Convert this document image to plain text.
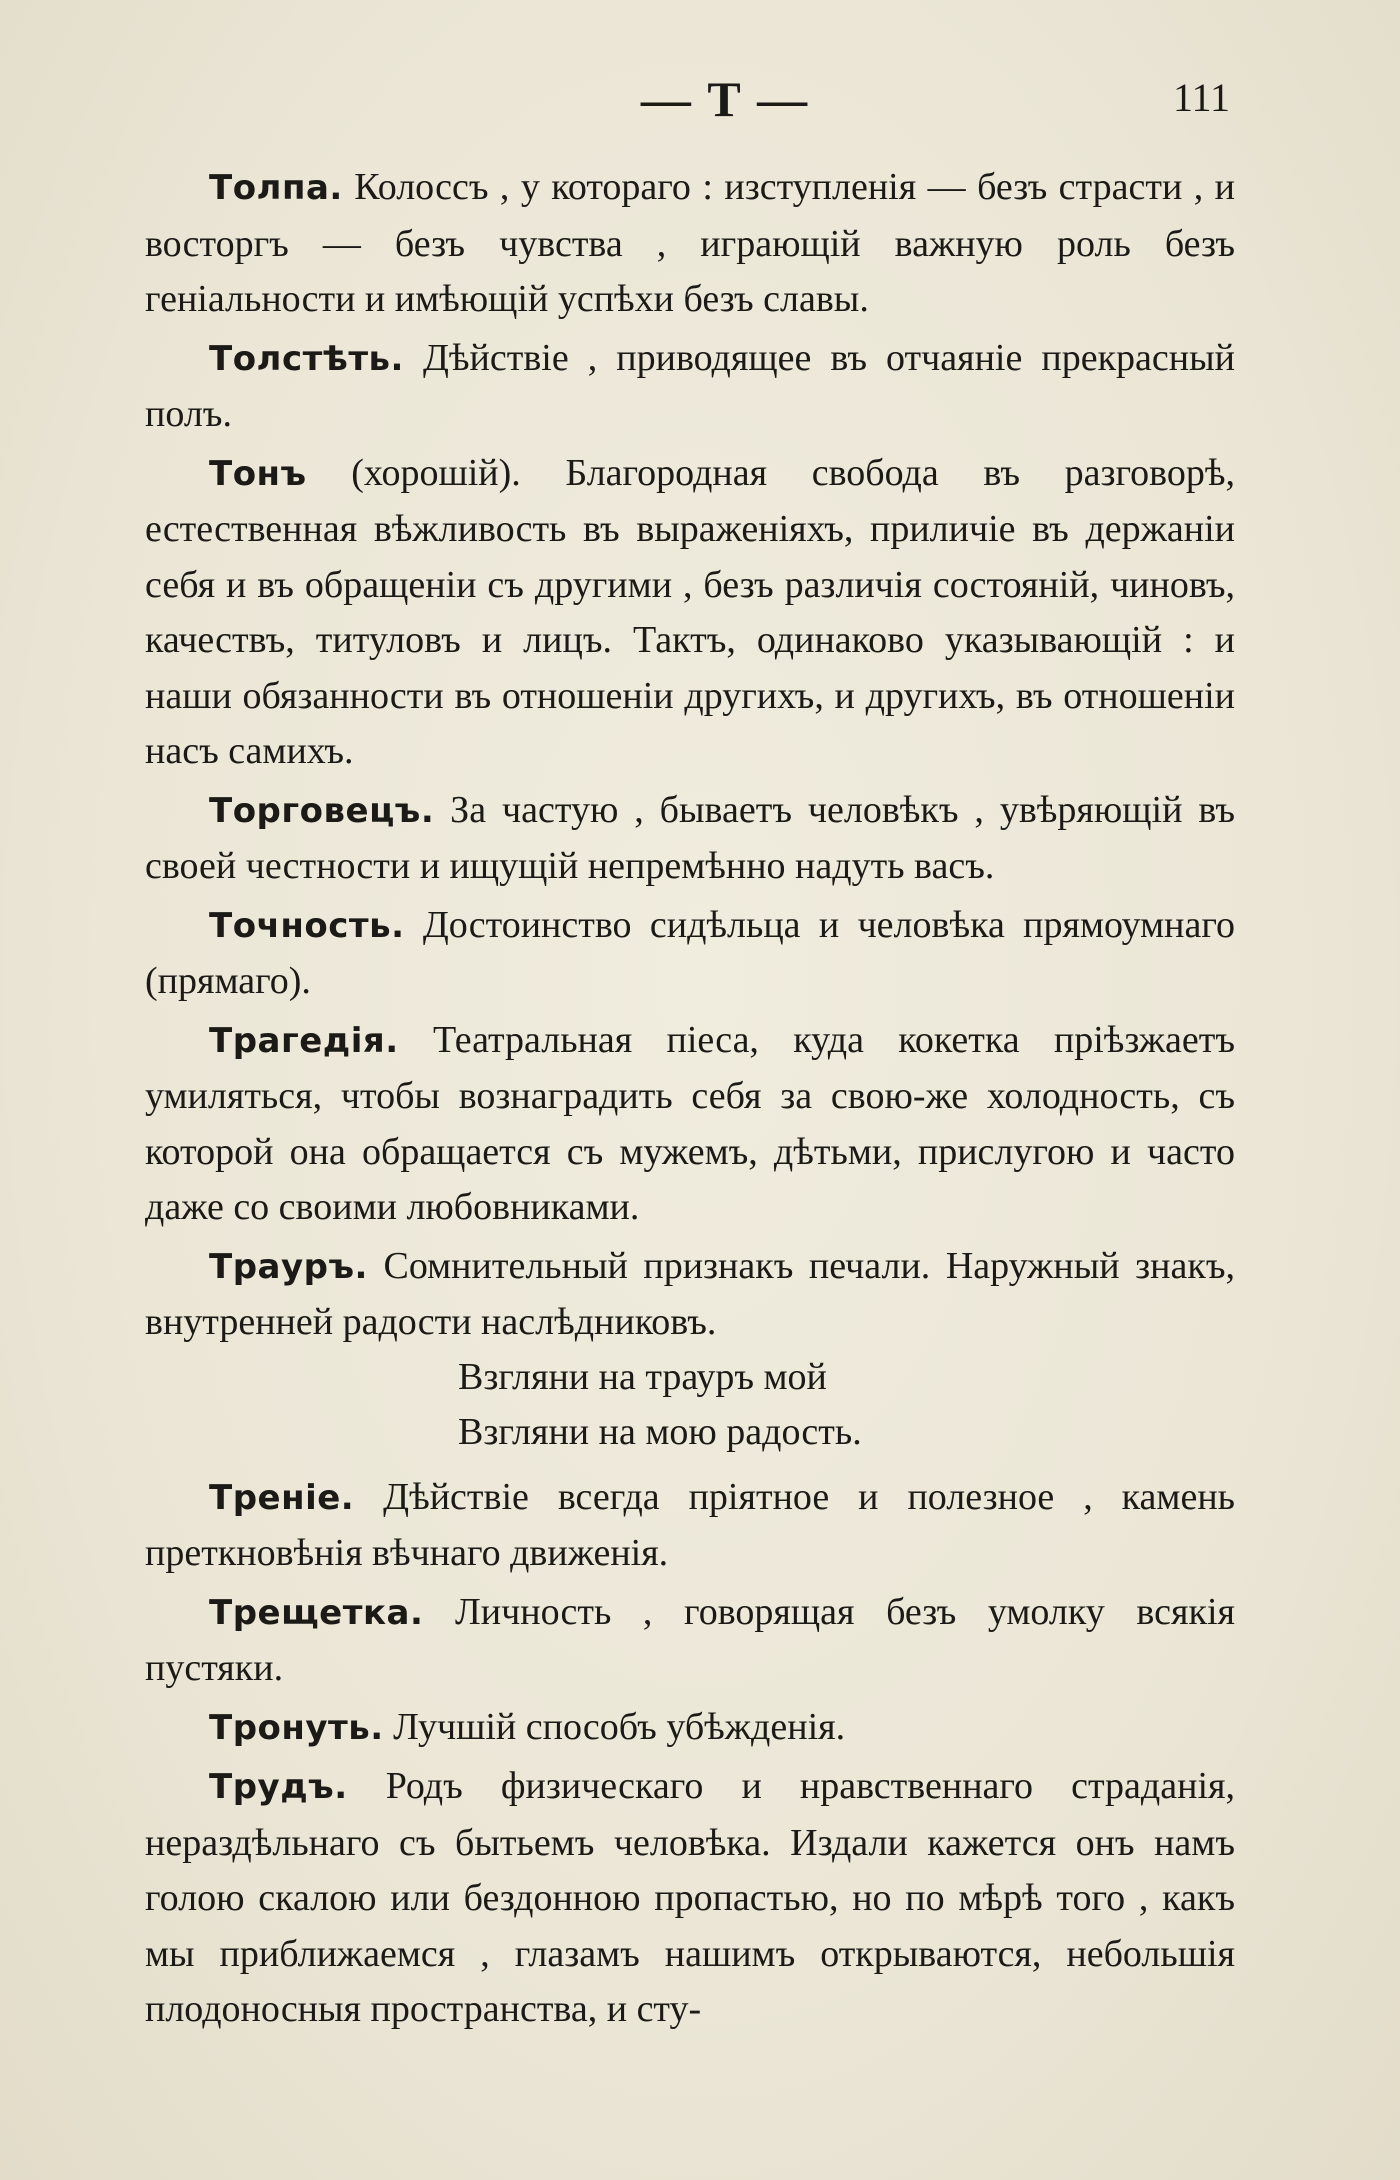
— Т —	111

Толпа. Колоссъ , у котораго : изступленія — безъ страсти , и восторгъ — безъ чувства , играющій важную роль безъ геніальности и имѣющій успѣхи безъ славы.

Толстѣть. Дѣйствіе , приводящее въ отчаяніе прекрасный полъ.

Тонъ (хорошій). Благородная свобода въ разговорѣ, естественная вѣжливость въ выраженіяхъ, приличіе въ держаніи себя и въ обращеніи съ другими , безъ различія состояній, чиновъ, качествъ, титуловъ и лицъ. Тактъ, одинаково указывающій : и наши обязанности въ отношеніи другихъ, и другихъ, въ отношеніи насъ самихъ.

Торговецъ. За частую , бываетъ человѣкъ , увѣряющій въ своей честности и ищущій непремѣнно надуть васъ.

Точность. Достоинство сидѣльца и человѣка прямоумнаго (прямаго).

Трагедія. Театральная піеса, куда кокетка пріѣзжаетъ умиляться, чтобы вознаградить себя за свою-же холодность, съ которой она обращается съ мужемъ, дѣтьми, прислугою и часто даже со своими любовниками.

Трауръ. Сомнительный признакъ печали. Наружный знакъ, внутренней радости наслѣдниковъ.

Взгляни на трауръ мой
Взгляни на мою радость.

Треніе. Дѣйствіе всегда пріятное и полезное , камень преткновѣнія вѣчнаго движенія.

Трещетка. Личность , говорящая безъ умолку всякія пустяки.

Тронуть. Лучшій способъ убѣжденія.

Трудъ. Родъ физическаго и нравственнаго страданія, нераздѣльнаго съ бытьемъ человѣка. Издали кажется онъ намъ голою скалою или бездонною пропастью, но по мѣрѣ того , какъ мы приближаемся , глазамъ нашимъ открываются, небольшія плодоносныя пространства, и сту-
